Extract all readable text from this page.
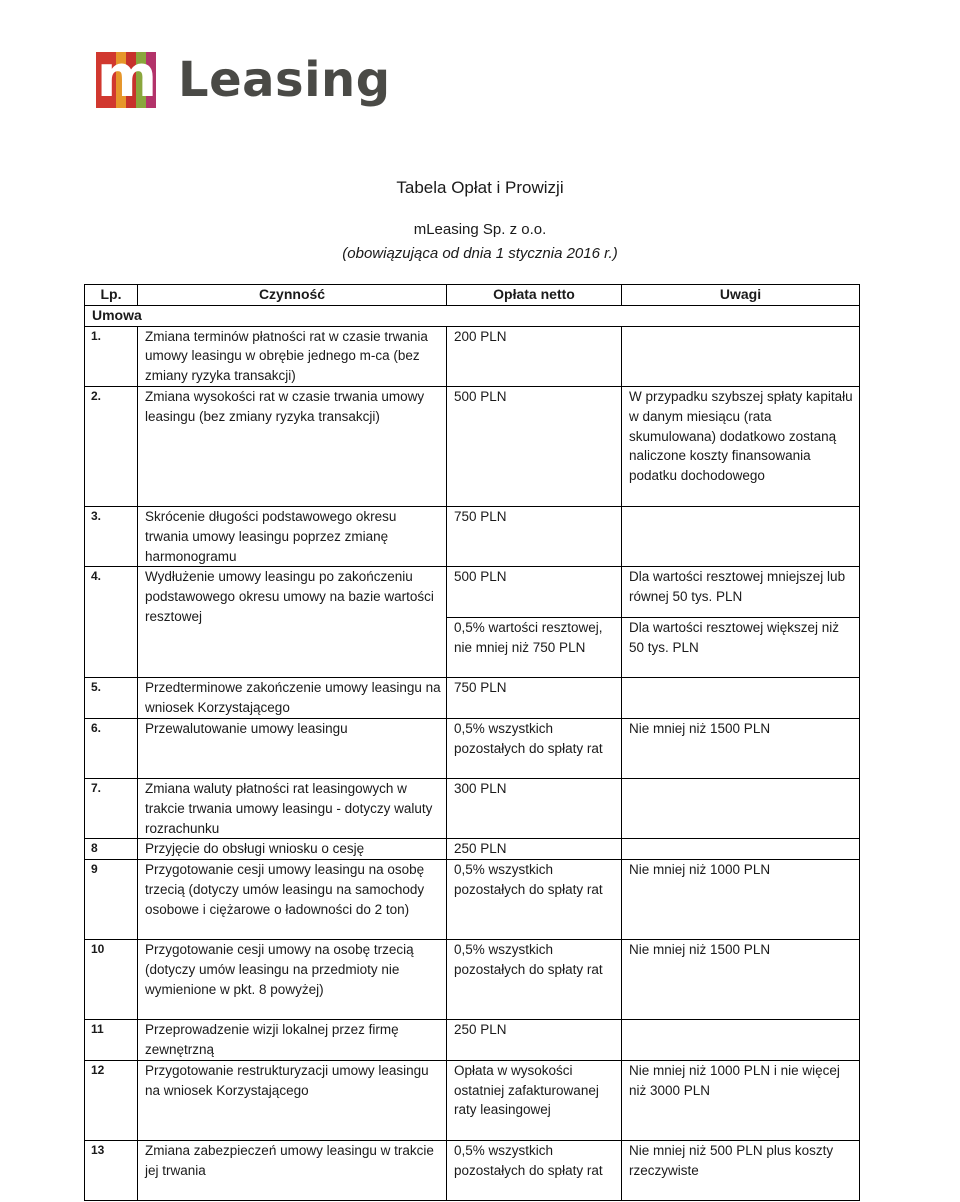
m Leasing
Tabela Opłat i Prowizji
mLeasing Sp. z o.o.
(obowiązująca od dnia 1 stycznia 2016 r.)
Lp.	Czynność	Opłata netto	Uwagi
Umowa			
1.	Zmiana terminów płatności rat w czasie trwania umowy leasingu w obrębie jednego m-ca (bez zmiany ryzyka transakcji)	200 PLN	
2.	Zmiana wysokości rat w czasie trwania umowy leasingu (bez zmiany ryzyka transakcji)	500 PLN	W przypadku szybszej spłaty kapitału w danym miesiącu (rata skumulowana) dodatkowo zostaną naliczone koszty finansowania podatku dochodowego
3.	Skrócenie długości podstawowego okresu trwania umowy leasingu poprzez zmianę harmonogramu	750 PLN	
4.	Wydłużenie umowy leasingu po zakończeniu podstawowego okresu umowy na bazie wartości resztowej	500 PLN	Dla wartości resztowej mniejszej lub równej 50 tys. PLN
		0,5% wartości resztowej, nie mniej niż 750 PLN	Dla wartości resztowej większej niż 50 tys. PLN
5.	Przedterminowe zakończenie umowy leasingu na wniosek Korzystającego	750 PLN	
6.	Przewalutowanie umowy leasingu	0,5% wszystkich pozostałych do spłaty rat	Nie mniej niż 1500 PLN
7.	Zmiana waluty płatności rat leasingowych w trakcie trwania umowy leasingu - dotyczy waluty rozrachunku	300 PLN	
8	Przyjęcie do obsługi wniosku o cesję	250 PLN	
9	Przygotowanie cesji umowy leasingu na osobę trzecią (dotyczy umów leasingu na samochody osobowe i ciężarowe o ładowności do 2 ton)	0,5% wszystkich pozostałych do spłaty rat	Nie mniej niż 1000 PLN
10	Przygotowanie cesji umowy na osobę trzecią (dotyczy umów leasingu na przedmioty nie wymienione w pkt. 8 powyżej)	0,5% wszystkich pozostałych do spłaty rat	Nie mniej niż 1500 PLN
11	Przeprowadzenie wizji lokalnej przez firmę zewnętrzną	250 PLN	
12	Przygotowanie restrukturyzacji umowy leasingu na wniosek Korzystającego	Opłata w wysokości ostatniej zafakturowanej raty leasingowej	Nie mniej niż 1000 PLN i nie więcej niż 3000 PLN
13	Zmiana zabezpieczeń umowy leasingu w trakcie jej trwania	0,5% wszystkich pozostałych do spłaty rat	Nie mniej niż 500 PLN plus koszty rzeczywiste
